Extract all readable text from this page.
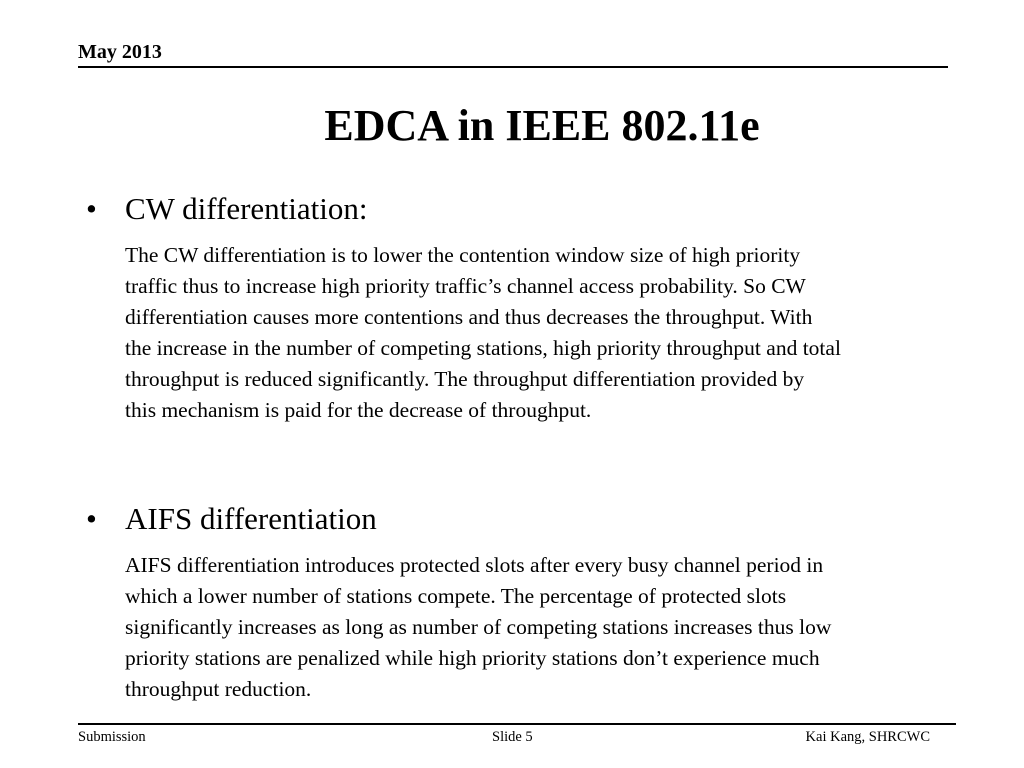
May 2013
EDCA in IEEE 802.11e
• CW differentiation:
The CW differentiation is to lower the contention window size of high priority
traffic thus to increase high priority traffic’s channel access probability. So CW
differentiation causes more contentions and thus decreases the throughput. With
the increase in the number of competing stations, high priority throughput and total
throughput is reduced significantly. The throughput differentiation provided by
this mechanism is paid for the decrease of throughput.
• AIFS differentiation
AIFS differentiation introduces protected slots after every busy channel period in
which a lower number of stations compete. The percentage of protected slots
significantly increases as long as number of competing stations increases thus low
priority stations are penalized while high priority stations don’t experience much
throughput reduction.
Submission	Slide 5	Kai Kang, SHRCWC
